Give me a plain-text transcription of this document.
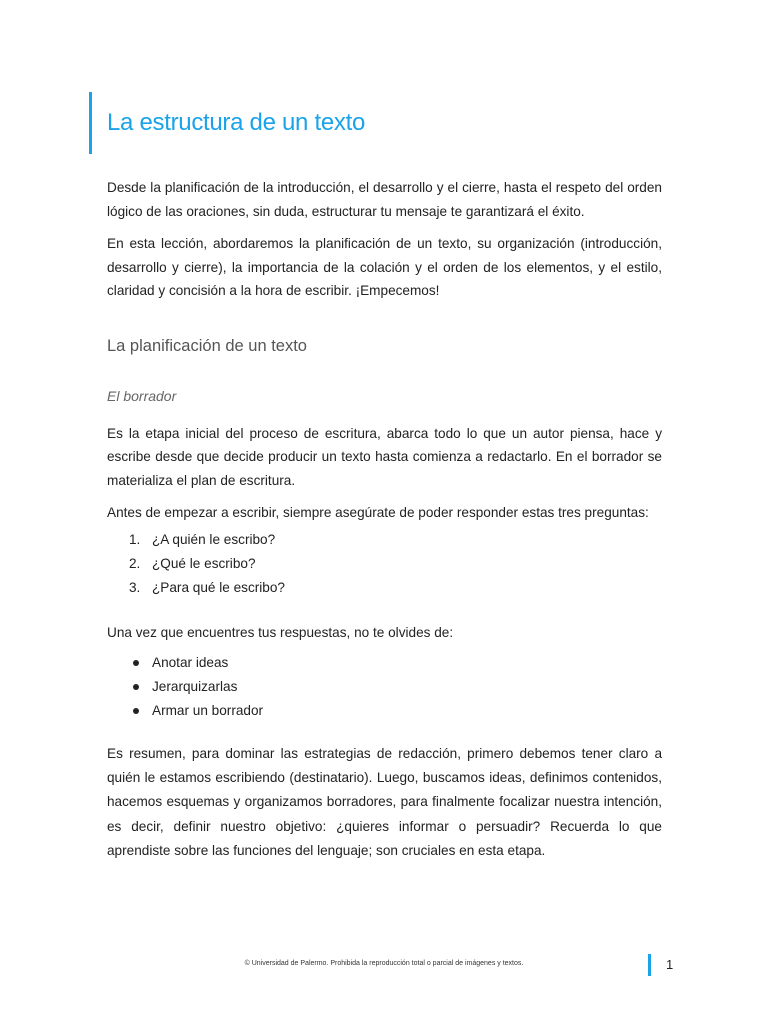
La estructura de un texto

Desde la planificación de la introducción, el desarrollo y el cierre, hasta el respeto del orden lógico de las oraciones, sin duda, estructurar tu mensaje te garantizará el éxito.

En esta lección, abordaremos la planificación de un texto, su organización (introducción, desarrollo y cierre), la importancia de la colación y el orden de los elementos, y el estilo, claridad y concisión a la hora de escribir. ¡Empecemos!

La planificación de un texto
El borrador

Es la etapa inicial del proceso de escritura, abarca todo lo que un autor piensa, hace y escribe desde que decide producir un texto hasta comienza a redactarlo. En el borrador se materializa el plan de escritura.

Antes de empezar a escribir, siempre asegúrate de poder responder estas tres preguntas:

1. ¿A quién le escribo?
2. ¿Qué le escribo?
3. ¿Para qué le escribo?

Una vez que encuentres tus respuestas, no te olvides de:

Anotar ideas
Jerarquizarlas
Armar un borrador

Es resumen, para dominar las estrategias de redacción, primero debemos tener claro a quién le estamos escribiendo (destinatario). Luego, buscamos ideas, definimos contenidos, hacemos esquemas y organizamos borradores, para finalmente focalizar nuestra intención, es decir, definir nuestro objetivo: ¿quieres informar o persuadir? Recuerda lo que aprendiste sobre las funciones del lenguaje; son cruciales en esta etapa.

© Universidad de Palermo. Prohibida la reproducción total o parcial de imágenes y textos.	1
